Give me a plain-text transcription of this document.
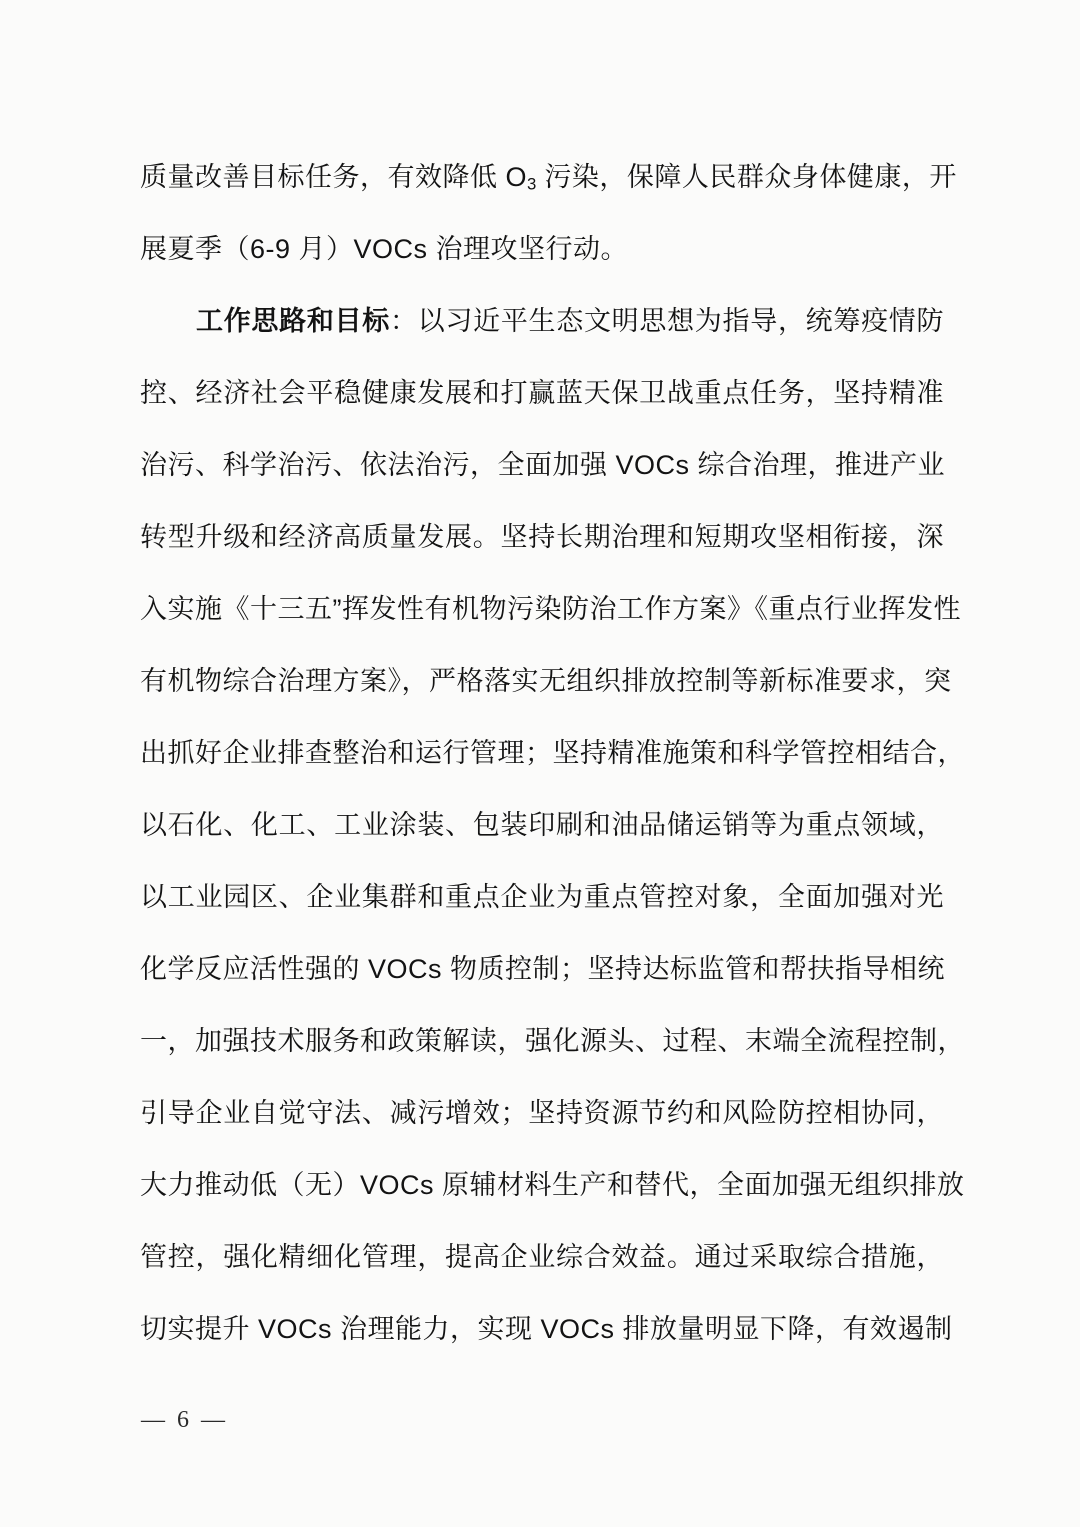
质量改善目标任务，有效降低 $O_3$ 污染，保障人民群众身体健康，开
展夏季（6-9 月）VOCs 治理攻坚行动。
工作思路和目标：以习近平生态文明思想为指导，统筹疫情防
控、经济社会平稳健康发展和打赢蓝天保卫战重点任务，坚持精准
治污、科学治污、依法治污，全面加强 VOCs 综合治理，推进产业
转型升级和经济高质量发展。坚持长期治理和短期攻坚相衔接，深
入实施《十三五”挥发性有机物污染防治工作方案》《重点行业挥发性
有机物综合治理方案》，严格落实无组织排放控制等新标准要求，突
出抓好企业排查整治和运行管理；坚持精准施策和科学管控相结合，
以石化、化工、工业涂装、包装印刷和油品储运销等为重点领域，
以工业园区、企业集群和重点企业为重点管控对象，全面加强对光
化学反应活性强的 VOCs 物质控制；坚持达标监管和帮扶指导相统
一，加强技术服务和政策解读，强化源头、过程、末端全流程控制，
引导企业自觉守法、减污增效；坚持资源节约和风险防控相协同，
大力推动低（无）VOCs 原辅材料生产和替代，全面加强无组织排放
管控，强化精细化管理，提高企业综合效益。通过采取综合措施，
切实提升 VOCs 治理能力，实现 VOCs 排放量明显下降，有效遏制
— 6 —
